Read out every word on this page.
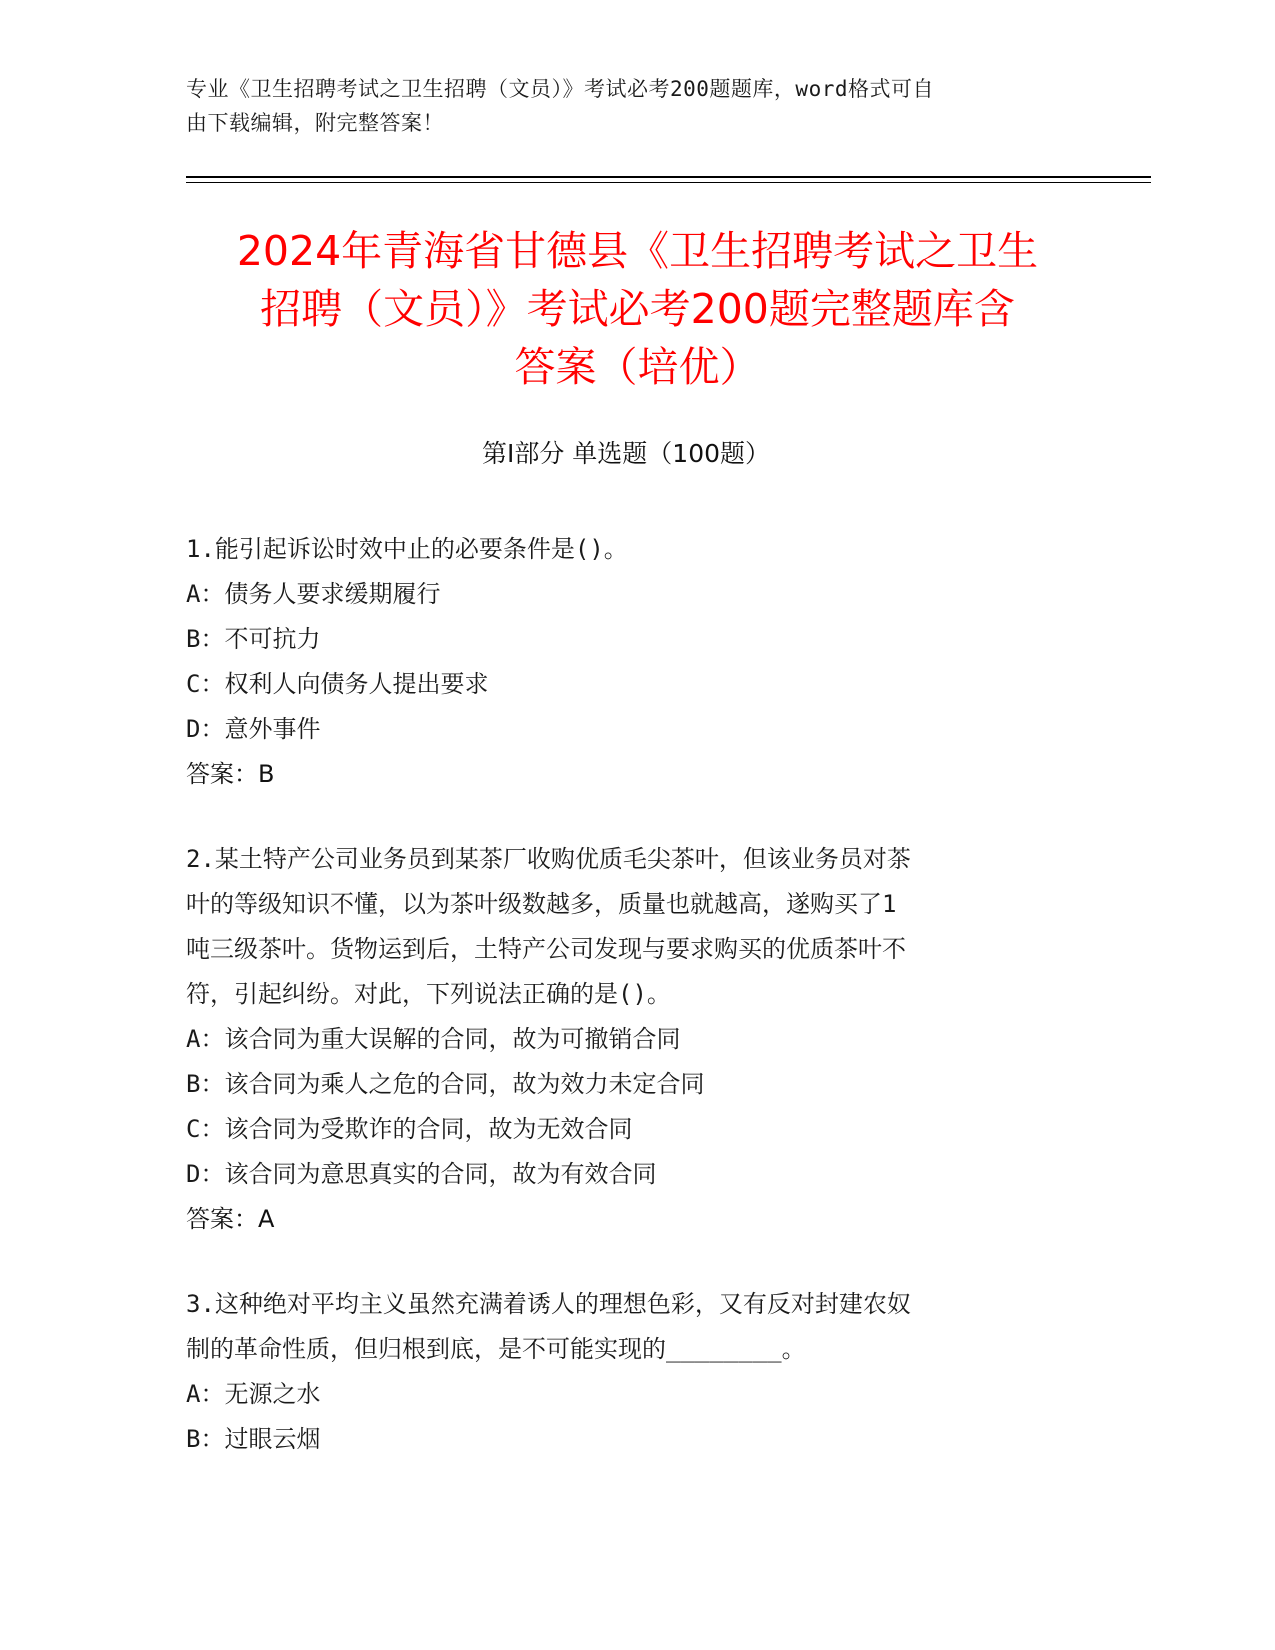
专业《卫生招聘考试之卫生招聘（文员）》考试必考200题题库，word格式可自
由下载编辑，附完整答案！
2024年青海省甘德县《卫生招聘考试之卫生
招聘（文员）》考试必考200题完整题库含
答案（培优）
第Ⅰ部分 单选题（100题）
1.能引起诉讼时效中止的必要条件是()。
A：债务人要求缓期履行
B：不可抗力
C：权利人向债务人提出要求
D：意外事件
答案：B
2.某土特产公司业务员到某茶厂收购优质毛尖茶叶，但该业务员对茶
叶的等级知识不懂，以为茶叶级数越多，质量也就越高，遂购买了1
吨三级茶叶。货物运到后，土特产公司发现与要求购买的优质茶叶不
符，引起纠纷。对此，下列说法正确的是()。
A：该合同为重大误解的合同，故为可撤销合同
B：该合同为乘人之危的合同，故为效力未定合同
C：该合同为受欺诈的合同，故为无效合同
D：该合同为意思真实的合同，故为有效合同
答案：A
3.这种绝对平均主义虽然充满着诱人的理想色彩，又有反对封建农奴
制的革命性质，但归根到底，是不可能实现的________。
A：无源之水
B：过眼云烟
